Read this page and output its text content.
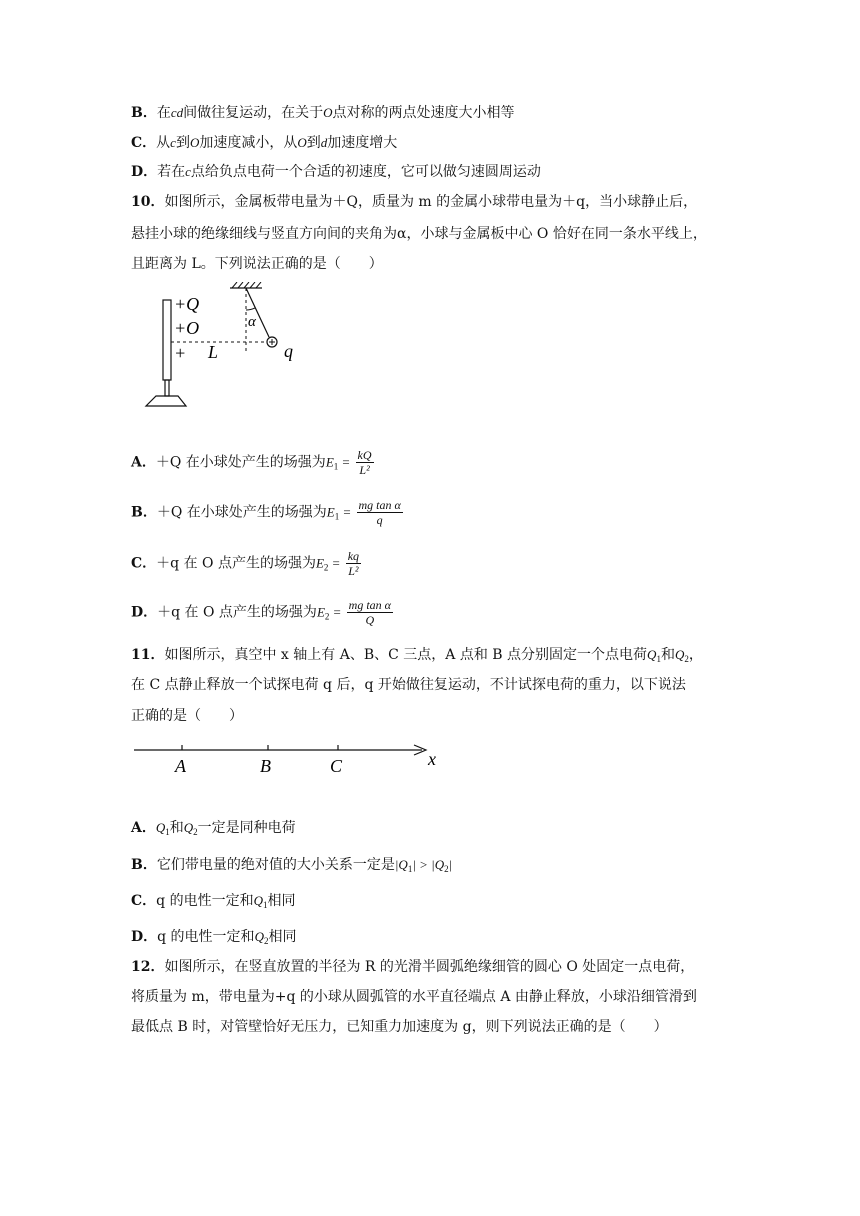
B．在cd间做往复运动，在关于O点对称的两点处速度大小相等
C．从c到O加速度减小，从O到d加速度增大
D．若在c点给负点电荷一个合适的初速度，它可以做匀速圆周运动
10．如图所示，金属板带电量为＋Q，质量为 m 的金属小球带电量为＋q，当小球静止后，
悬挂小球的绝缘细线与竖直方向间的夹角为α，小球与金属板中心 O 恰好在同一条水平线上，
且距离为 L。下列说法正确的是（　　）
+Q
+O
+ L
α
q
A．＋Q 在小球处产生的场强为$E_1 = \frac{kQ}{\text{L²}}$
B．＋Q 在小球处产生的场强为$E_1 = \frac{\text{mg tan α}}{q}$
C．＋q 在 O 点产生的场强为$E_2 = \frac{kq}{\text{L²}}$
D．＋q 在 O 点产生的场强为$E_2 = \frac{\text{mg tan α}}{Q}$
11．如图所示，真空中 x 轴上有 A、B、C 三点，A 点和 B 点分别固定一个点电荷$Q_1$和$Q_2$，
在 C 点静止释放一个试探电荷 q 后，q 开始做往复运动，不计试探电荷的重力，以下说法
正确的是（　　）
A	B	C	x
A．$Q_1$和$Q_2$一定是同种电荷
B．它们带电量的绝对值的大小关系一定是$|Q_1| > |Q_2|$
C．q 的电性一定和$Q_1$相同
D．q 的电性一定和$Q_2$相同
12．如图所示，在竖直放置的半径为 R 的光滑半圆弧绝缘细管的圆心 O 处固定一点电荷，
将质量为 m，带电量为+q 的小球从圆弧管的水平直径端点 A 由静止释放，小球沿细管滑到
最低点 B 时，对管壁恰好无压力，已知重力加速度为 g，则下列说法正确的是（　　）
